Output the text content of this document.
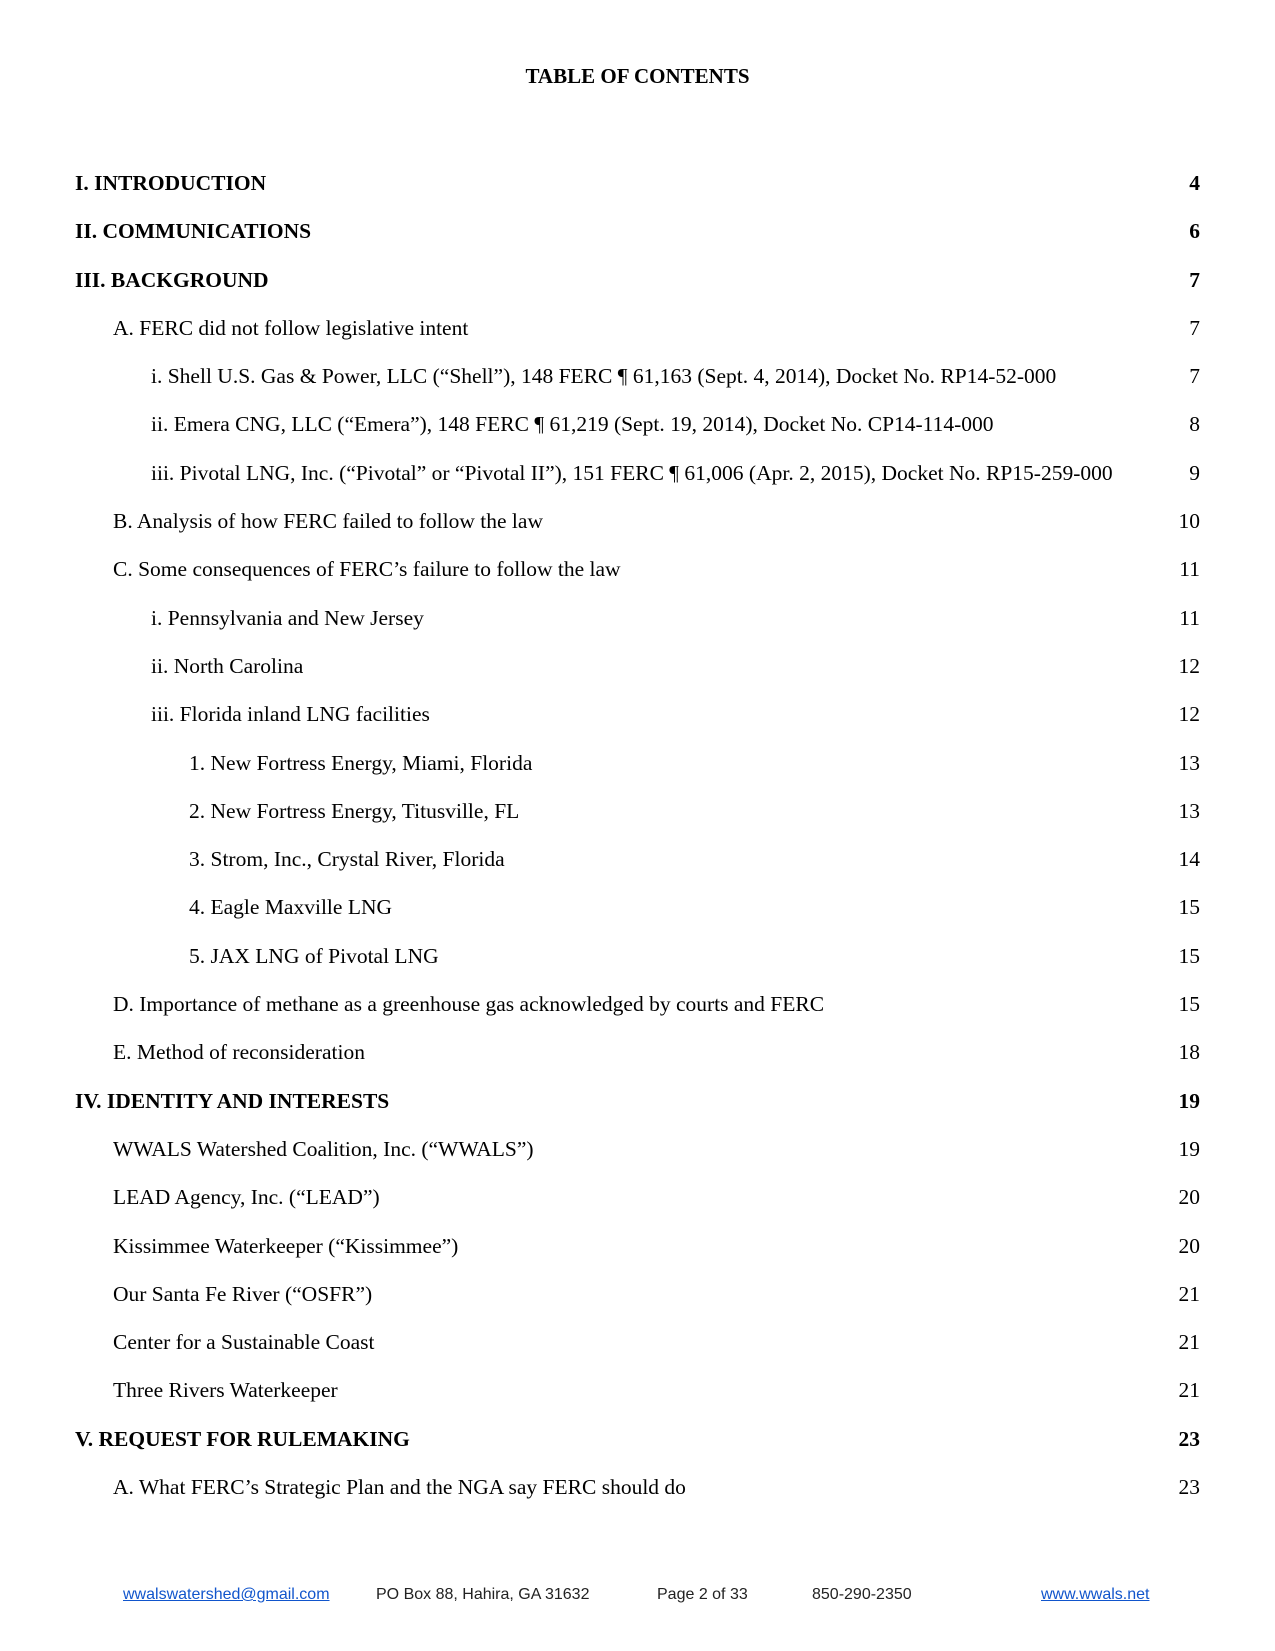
TABLE OF CONTENTS
I. INTRODUCTION	4
II. COMMUNICATIONS	6
III. BACKGROUND	7
A. FERC did not follow legislative intent	7
i. Shell U.S. Gas & Power, LLC (“Shell”), 148 FERC ¶ 61,163 (Sept. 4, 2014), Docket No. RP14-52-000	7
ii. Emera CNG, LLC (“Emera”), 148 FERC ¶ 61,219 (Sept. 19, 2014), Docket No. CP14-114-000	8
iii. Pivotal LNG, Inc. (“Pivotal” or “Pivotal II”), 151 FERC ¶ 61,006 (Apr. 2, 2015), Docket No. RP15-259-000	9
B. Analysis of how FERC failed to follow the law	10
C. Some consequences of FERC’s failure to follow the law	11
i. Pennsylvania and New Jersey	11
ii. North Carolina	12
iii. Florida inland LNG facilities	12
1. New Fortress Energy, Miami, Florida	13
2. New Fortress Energy, Titusville, FL	13
3. Strom, Inc., Crystal River, Florida	14
4. Eagle Maxville LNG	15
5. JAX LNG of Pivotal LNG	15
D. Importance of methane as a greenhouse gas acknowledged by courts and FERC	15
E. Method of reconsideration	18
IV. IDENTITY AND INTERESTS	19
WWALS Watershed Coalition, Inc. (“WWALS”)	19
LEAD Agency, Inc. (“LEAD”)	20
Kissimmee Waterkeeper (“Kissimmee”)	20
Our Santa Fe River (“OSFR”)	21
Center for a Sustainable Coast	21
Three Rivers Waterkeeper	21
V. REQUEST FOR RULEMAKING	23
A. What FERC’s Strategic Plan and the NGA say FERC should do	23
wwalswatershed@gmail.com	PO Box 88, Hahira, GA 31632	Page 2 of 33	850-290-2350	www.wwals.net
